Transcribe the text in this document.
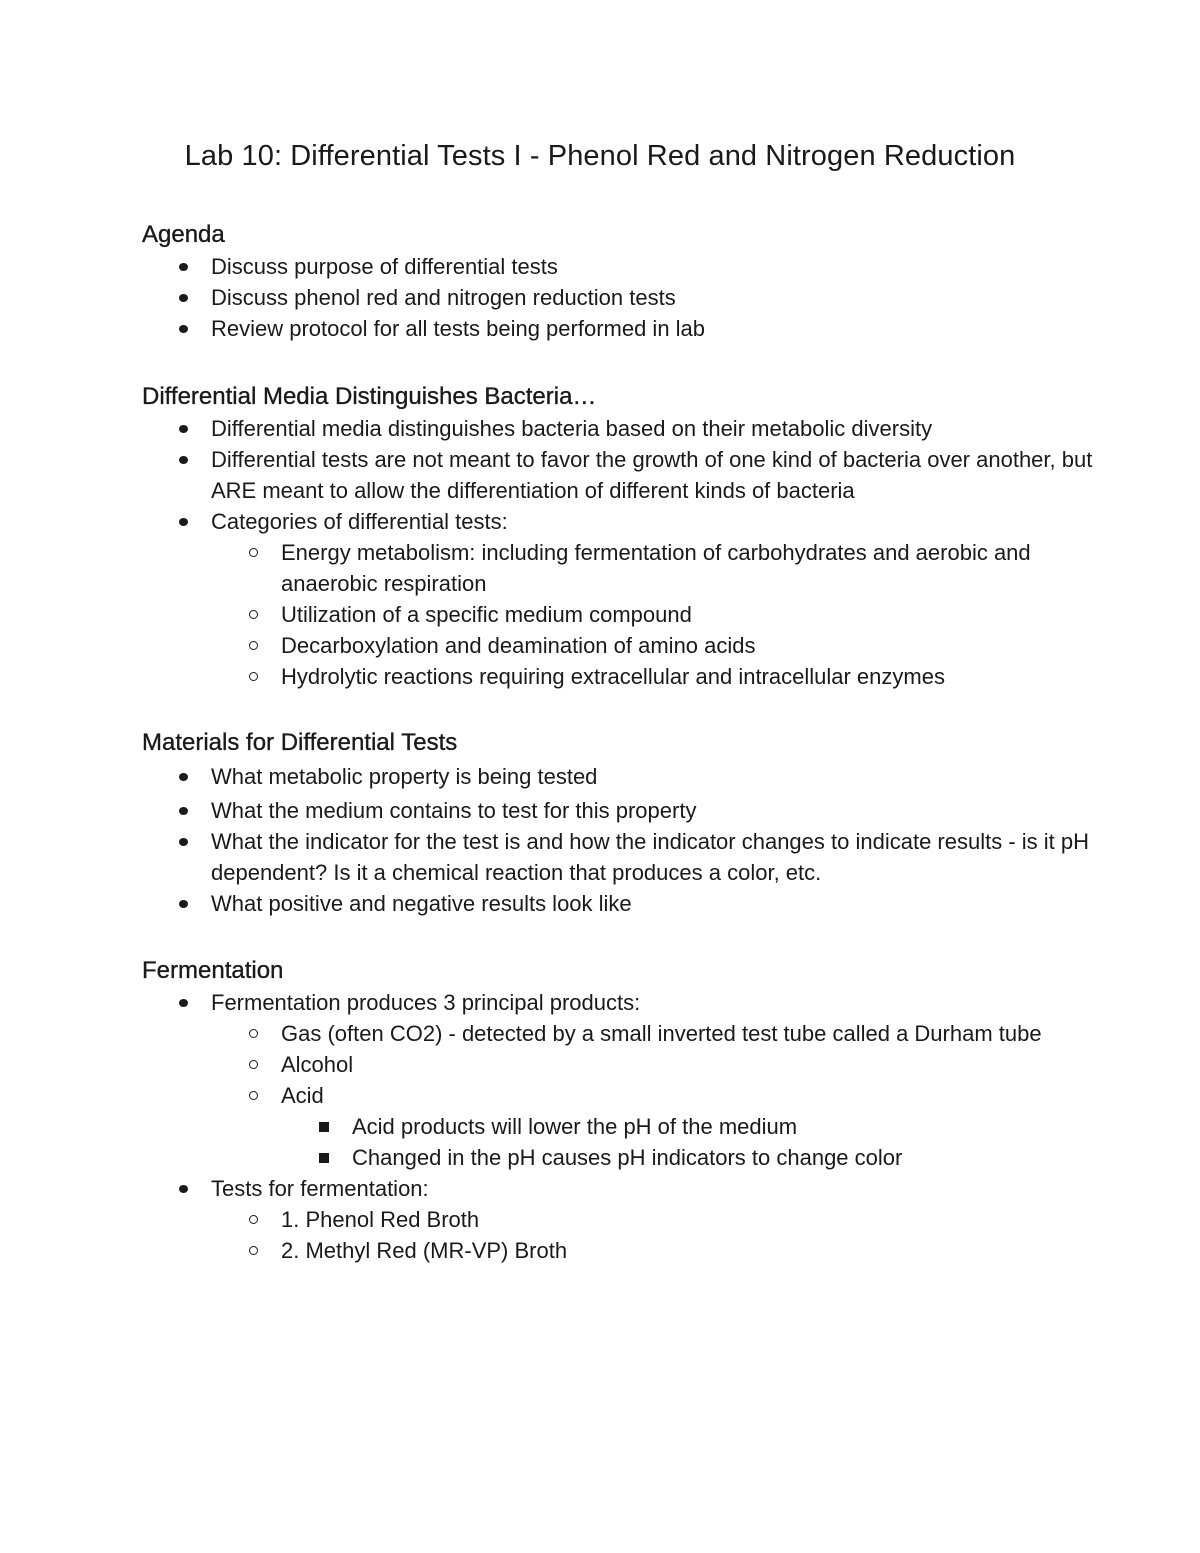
Lab 10: Differential Tests I - Phenol Red and Nitrogen Reduction
Agenda
Discuss purpose of differential tests
Discuss phenol red and nitrogen reduction tests
Review protocol for all tests being performed in lab
Differential Media Distinguishes Bacteria…
Differential media distinguishes bacteria based on their metabolic diversity
Differential tests are not meant to favor the growth of one kind of bacteria over another, but ARE meant to allow the differentiation of different kinds of bacteria
Categories of differential tests:
Energy metabolism: including fermentation of carbohydrates and aerobic and anaerobic respiration
Utilization of a specific medium compound
Decarboxylation and deamination of amino acids
Hydrolytic reactions requiring extracellular and intracellular enzymes
Materials for Differential Tests
What metabolic property is being tested
What the medium contains to test for this property
What the indicator for the test is and how the indicator changes to indicate results - is it pH dependent? Is it a chemical reaction that produces a color, etc.
What positive and negative results look like
Fermentation
Fermentation produces 3 principal products:
Gas (often CO2) - detected by a small inverted test tube called a Durham tube
Alcohol
Acid
Acid products will lower the pH of the medium
Changed in the pH causes pH indicators to change color
Tests for fermentation:
1. Phenol Red Broth
2. Methyl Red (MR-VP) Broth
